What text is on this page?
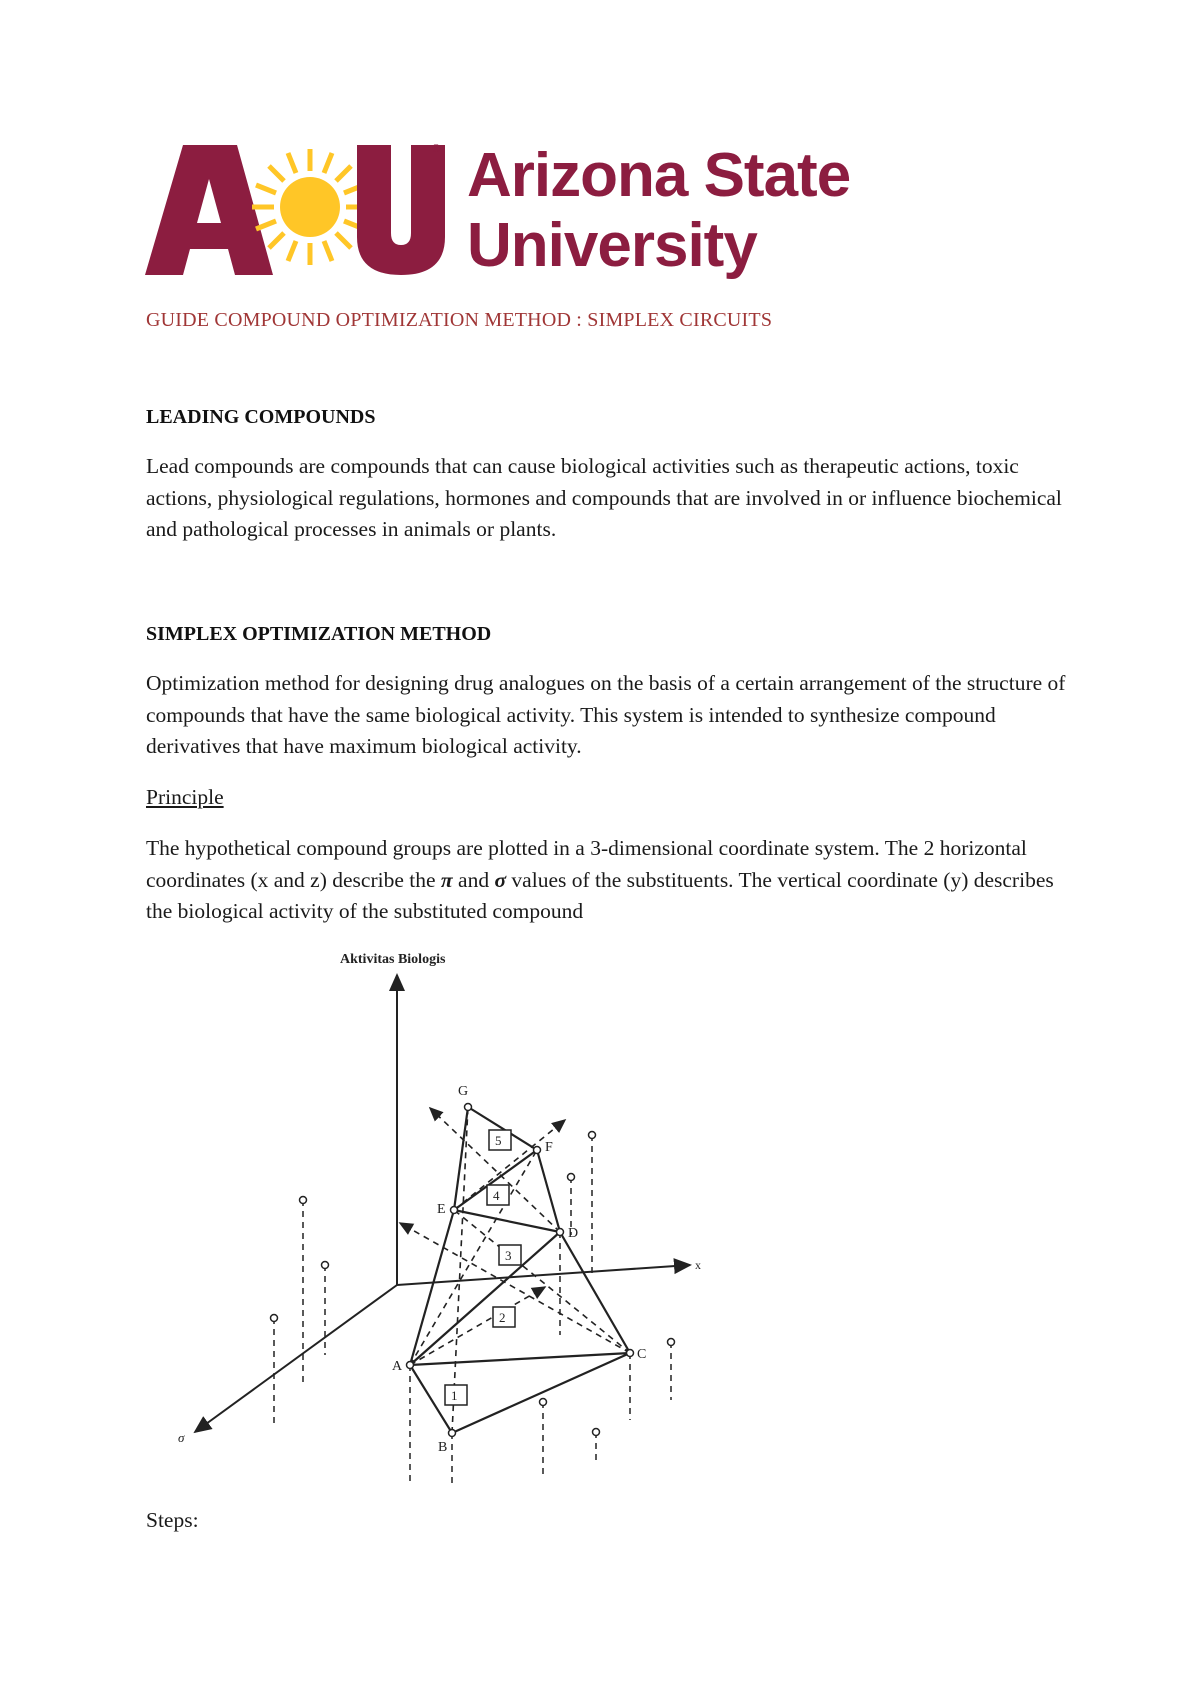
® Arizona State
University
GUIDE COMPOUND OPTIMIZATION METHOD : SIMPLEX CIRCUITS
LEADING COMPOUNDS
Lead compounds are compounds that can cause biological activities such as therapeutic actions, toxic actions, physiological regulations, hormones and compounds that are involved in or influence biochemical and pathological processes in animals or plants.
SIMPLEX OPTIMIZATION METHOD
Optimization method for designing drug analogues on the basis of a certain arrangement of the structure of compounds that have the same biological activity. This system is intended to synthesize compound derivatives that have maximum biological activity.
Principle
The hypothetical compound groups are plotted in a 3-dimensional coordinate system. The 2 horizontal coordinates (x and z) describe the π and σ values of the substituents. The vertical coordinate (y) describes the biological activity of the substituted compound
Aktivitas Biologis
x
σ
A
B
C
D
E
F
G
1
2
3
4
5
Steps:
